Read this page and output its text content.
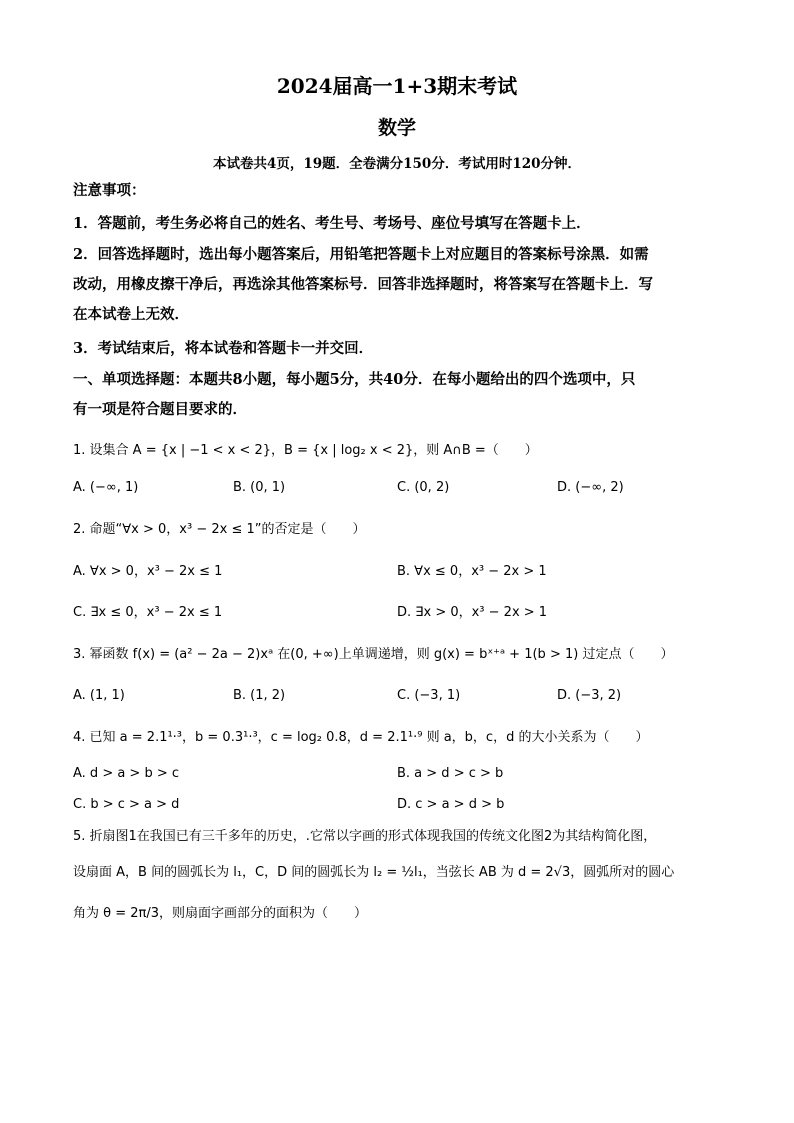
2024届高一1+3期末考试
数学
本试卷共4页，19题．全卷满分150分．考试用时120分钟．
注意事项：
1．答题前，考生务必将自己的姓名、考生号、考场号、座位号填写在答题卡上．
2．回答选择题时，选出每小题答案后，用铅笔把答题卡上对应题目的答案标号涂黑．如需
改动，用橡皮擦干净后，再选涂其他答案标号．回答非选择题时，将答案写在答题卡上．写
在本试卷上无效．
3．考试结束后，将本试卷和答题卡一并交回．
一、单项选择题：本题共8小题，每小题5分，共40分．在每小题给出的四个选项中，只
有一项是符合题目要求的．
1. 设集合 A = {x | −1 < x < 2}，B = {x | log₂ x < 2}，则 A∩B =（　　）
A. (−∞, 1)	B. (0, 1)	C. (0, 2)	D. (−∞, 2)
2. 命题“∀x > 0，x³ − 2x ≤ 1”的否定是（　　）
A. ∀x > 0，x³ − 2x ≤ 1	B. ∀x ≤ 0，x³ − 2x > 1
C. ∃x ≤ 0，x³ − 2x ≤ 1	D. ∃x > 0，x³ − 2x > 1
3. 幂函数 f(x) = (a² − 2a − 2)xᵃ 在(0, +∞)上单调递增，则 g(x) = bˣ⁺ᵃ + 1(b > 1) 过定点（　　）
A. (1, 1)	B. (1, 2)	C. (−3, 1)	D. (−3, 2)
4. 已知 a = 2.1¹·³，b = 0.3¹·³，c = log₂ 0.8，d = 2.1¹·⁹ 则 a，b，c，d 的大小关系为（　　）
A. d > a > b > c	B. a > d > c > b
C. b > c > a > d	D. c > a > d > b
5. 折扇图1在我国已有三千多年的历史，.它常以字画的形式体现我国的传统文化图2为其结构简化图，
设扇面 A，B 间的圆弧长为 l₁，C，D 间的圆弧长为 l₂ = ½l₁，当弦长 AB 为 d = 2√3，圆弧所对的圆心
角为 θ = 2π/3，则扇面字画部分的面积为（　　）
